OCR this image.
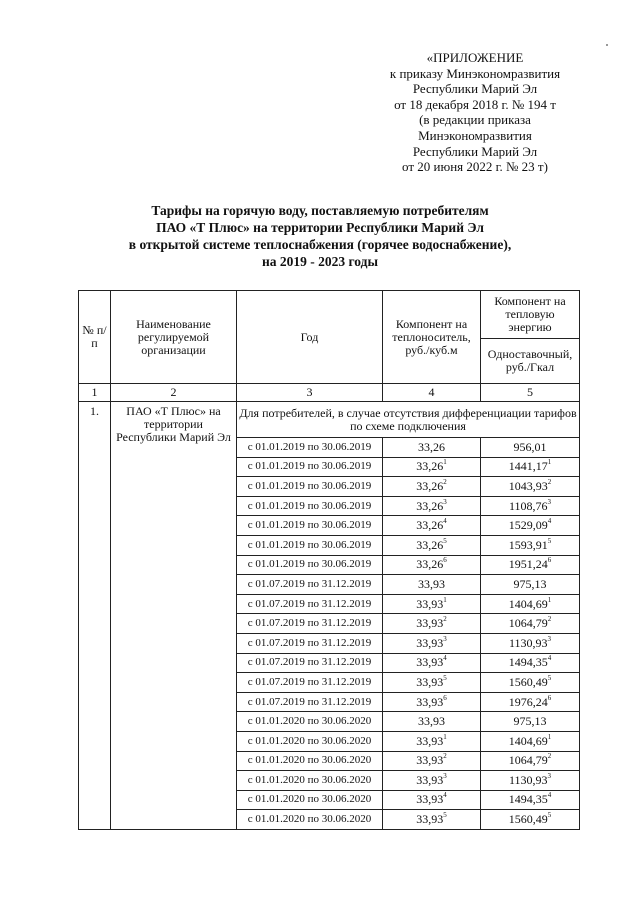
«ПРИЛОЖЕНИЕ
к приказу Минэкономразвития
Республики Марий Эл
от 18 декабря 2018 г. № 194 т
(в редакции приказа
Минэкономразвития
Республики Марий Эл
от 20 июня 2022 г. № 23 т)
Тарифы на горячую воду, поставляемую потребителям
ПАО «Т Плюс» на территории Республики Марий Эл
в открытой системе теплоснабжения (горячее водоснабжение),
на 2019 - 2023 годы
№ п/п	Наименование регулируемой организации	Год	Компонент на теплоноситель, руб./куб.м	Компонент на тепловую энергию
				Одноставочный, руб./Гкал
1	2	3	4	5
1.	ПАО «Т Плюс» на территории Республики Марий Эл	Для потребителей, в случае отсутствия дифференциации тарифов по схеме подключения		
		с 01.01.2019 по 30.06.2019	33,26	956,01
		с 01.01.2019 по 30.06.2019	33,26$^1$	1441,17$^1$
		с 01.01.2019 по 30.06.2019	33,26$^2$	1043,93$^2$
		с 01.01.2019 по 30.06.2019	33,26$^3$	1108,76$^3$
		с 01.01.2019 по 30.06.2019	33,26$^4$	1529,09$^4$
		с 01.01.2019 по 30.06.2019	33,26$^5$	1593,91$^5$
		с 01.01.2019 по 30.06.2019	33,26$^6$	1951,24$^6$
		с 01.07.2019 по 31.12.2019	33,93	975,13
		с 01.07.2019 по 31.12.2019	33,93$^1$	1404,69$^1$
		с 01.07.2019 по 31.12.2019	33,93$^2$	1064,79$^2$
		с 01.07.2019 по 31.12.2019	33,93$^3$	1130,93$^3$
		с 01.07.2019 по 31.12.2019	33,93$^4$	1494,35$^4$
		с 01.07.2019 по 31.12.2019	33,93$^5$	1560,49$^5$
		с 01.07.2019 по 31.12.2019	33,93$^6$	1976,24$^6$
		с 01.01.2020 по 30.06.2020	33,93	975,13
		с 01.01.2020 по 30.06.2020	33,93$^1$	1404,69$^1$
		с 01.01.2020 по 30.06.2020	33,93$^2$	1064,79$^2$
		с 01.01.2020 по 30.06.2020	33,93$^3$	1130,93$^3$
		с 01.01.2020 по 30.06.2020	33,93$^4$	1494,35$^4$
		с 01.01.2020 по 30.06.2020	33,93$^5$	1560,49$^5$
